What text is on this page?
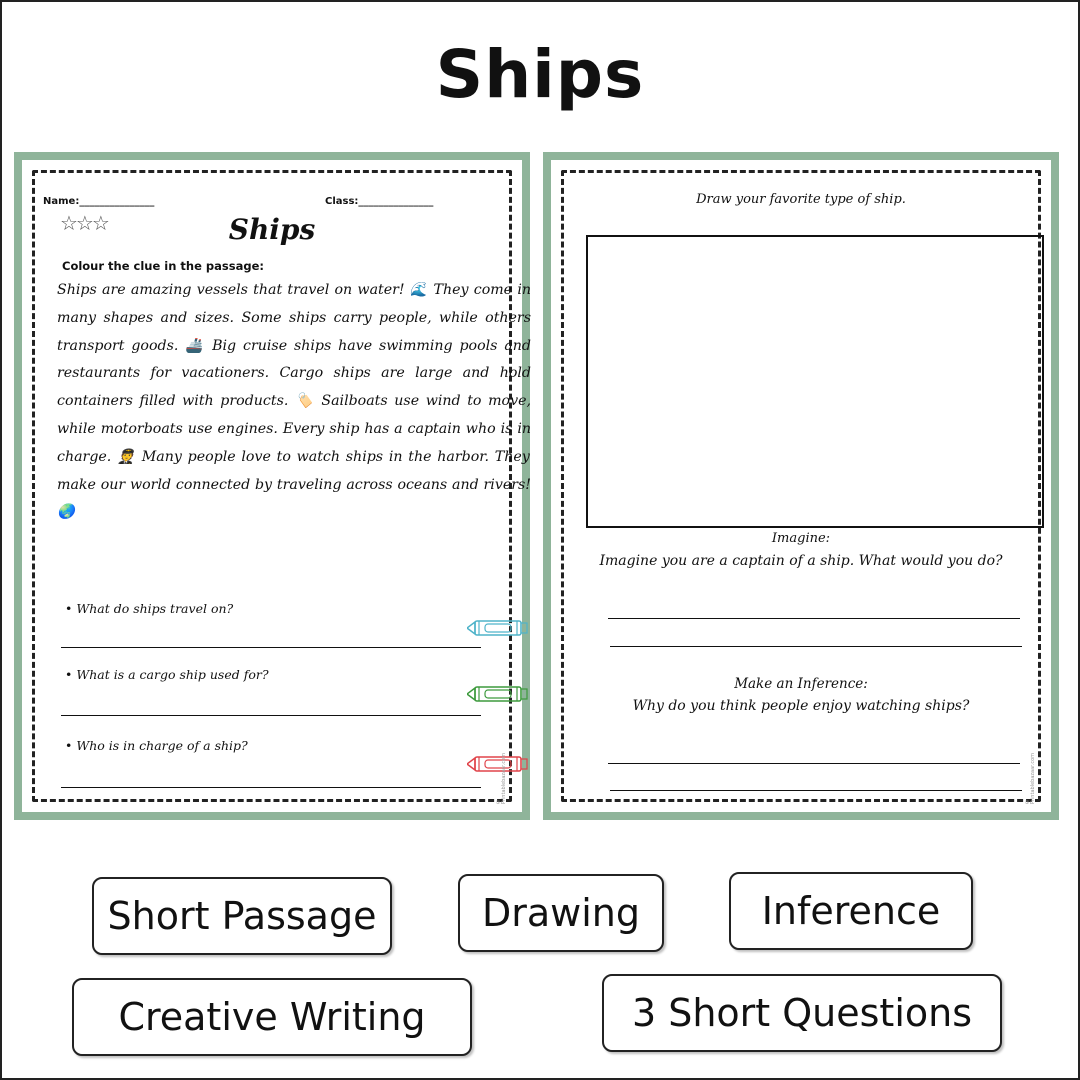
Ships
Name:_______________	Class:_______________
☆☆☆	Ships
Colour the clue in the passage:
Ships are amazing vessels that travel on water! 🌊 They come in many shapes and sizes. Some ships carry people, while others transport goods. 🚢 Big cruise ships have swimming pools and restaurants for vacationers. Cargo ships are large and hold containers filled with products. 🏷️ Sailboats use wind to move, while motorboats use engines. Every ship has a captain who is in charge. 🧑‍✈️ Many people love to watch ships in the harbor. They make our world connected by traveling across oceans and rivers! 🌏
• What do ships travel on?
• What is a cargo ship used for?
• Who is in charge of a ship?
© Printablebazaar.com
Draw your favorite type of ship.
Imagine:
Imagine you are a captain of a ship. What would you do?
Make an Inference:
Why do you think people enjoy watching ships?
© Printablebazaar.com
Short Passage	Drawing	Inference
Creative Writing	3 Short Questions
